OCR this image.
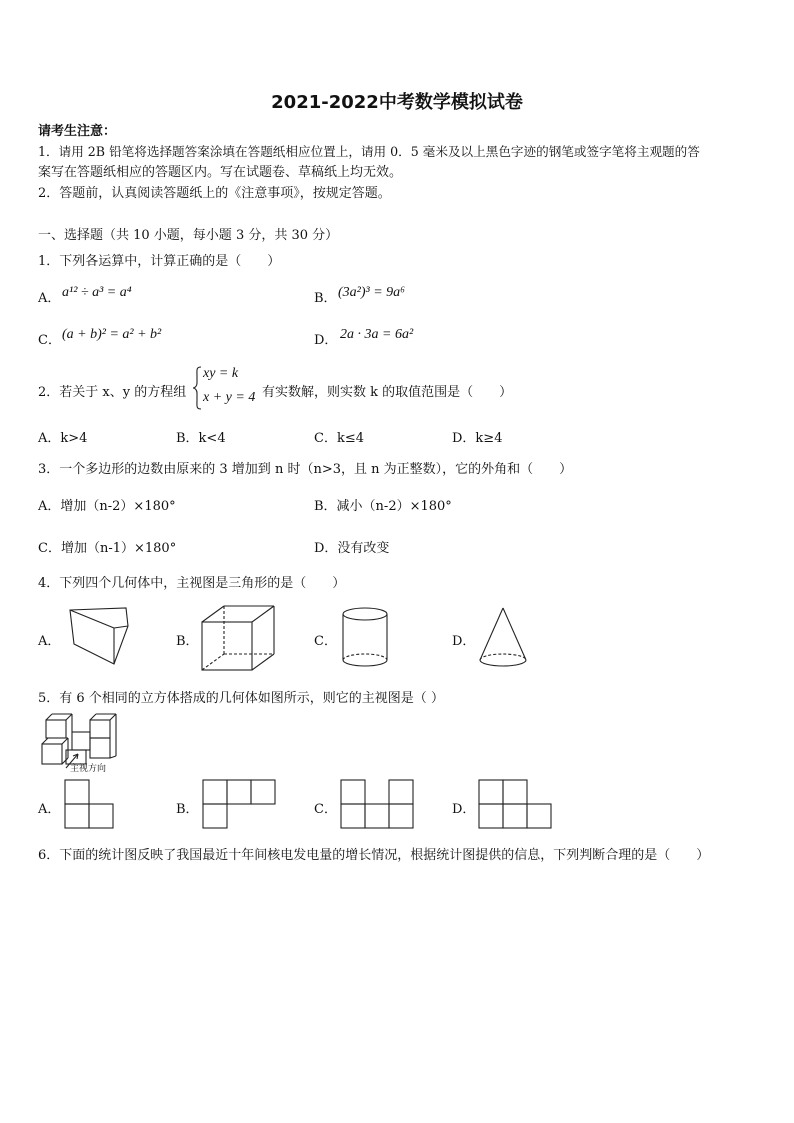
2021-2022中考数学模拟试卷
请考生注意：
1．请用 2B 铅笔将选择题答案涂填在答题纸相应位置上，请用 0．5 毫米及以上黑色字迹的钢笔或签字笔将主观题的答
案写在答题纸相应的答题区内。写在试题卷、草稿纸上均无效。
2．答题前，认真阅读答题纸上的《注意事项》，按规定答题。
一、选择题（共 10 小题，每小题 3 分，共 30 分）
1．下列各运算中，计算正确的是（　　）
A． a¹² ÷ a³ = a⁴	B． (3a²)³ = 9a⁶
C． (a + b)² = a² + b²	D． 2a · 3a = 6a²
2．若关于 x、y 的方程组
xy = k
x + y = 4 有实数解，则实数 k 的取值范围是（　　）
A．k>4	B．k<4	C．k≤4	D．k≥4
3．一个多边形的边数由原来的 3 增加到 n 时（n>3，且 n 为正整数），它的外角和（　　）
A．增加（n-2）×180°	B．减小（n-2）×180°
C．增加（n-1）×180°	D．没有改变
4．下列四个几何体中，主视图是三角形的是（　　）
A．	B．	C．	D．
5．有 6 个相同的立方体搭成的几何体如图所示，则它的主视图是（ ）
主视方向
A．	B．	C．	D．
6．下面的统计图反映了我国最近十年间核电发电量的增长情况，根据统计图提供的信息，下列判断合理的是（　　）
